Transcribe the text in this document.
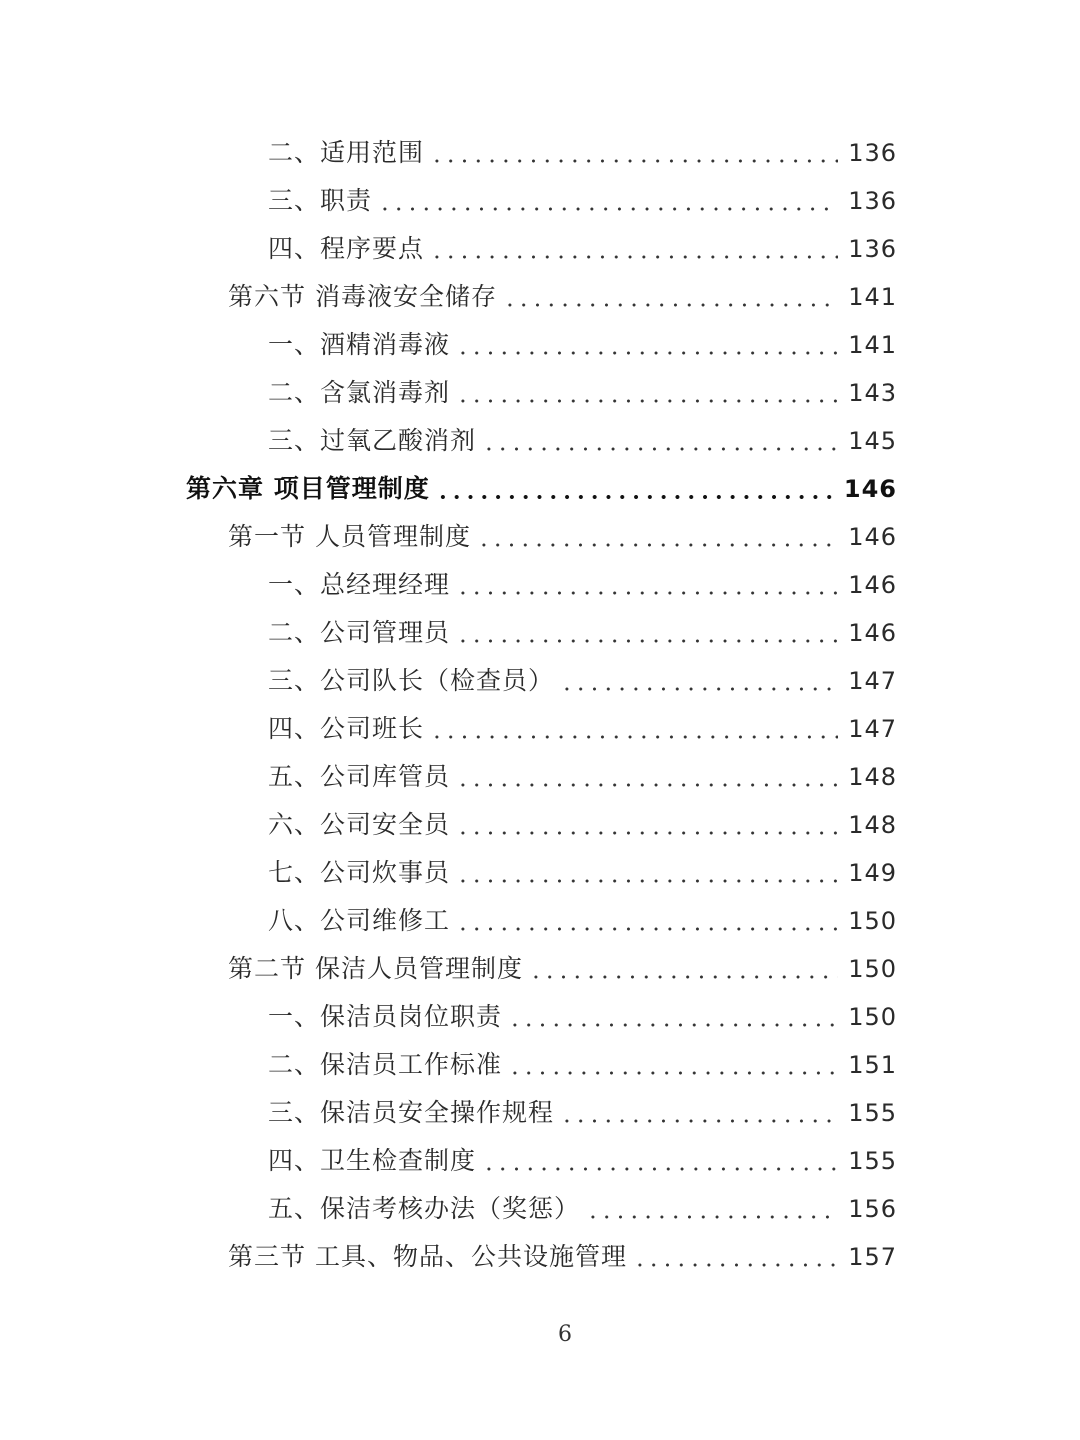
二、适用范围	136
三、职责	136
四、程序要点	136
第六节 消毒液安全储存	141
一、酒精消毒液	141
二、含氯消毒剂	143
三、过氧乙酸消剂	145
第六章 项目管理制度	146
第一节 人员管理制度	146
一、总经理经理	146
二、公司管理员	146
三、公司队长（检查员）	147
四、公司班长	147
五、公司库管员	148
六、公司安全员	148
七、公司炊事员	149
八、公司维修工	150
第二节 保洁人员管理制度	150
一、保洁员岗位职责	150
二、保洁员工作标准	151
三、保洁员安全操作规程	155
四、卫生检查制度	155
五、保洁考核办法（奖惩）	156
第三节 工具、物品、公共设施管理	157
6
